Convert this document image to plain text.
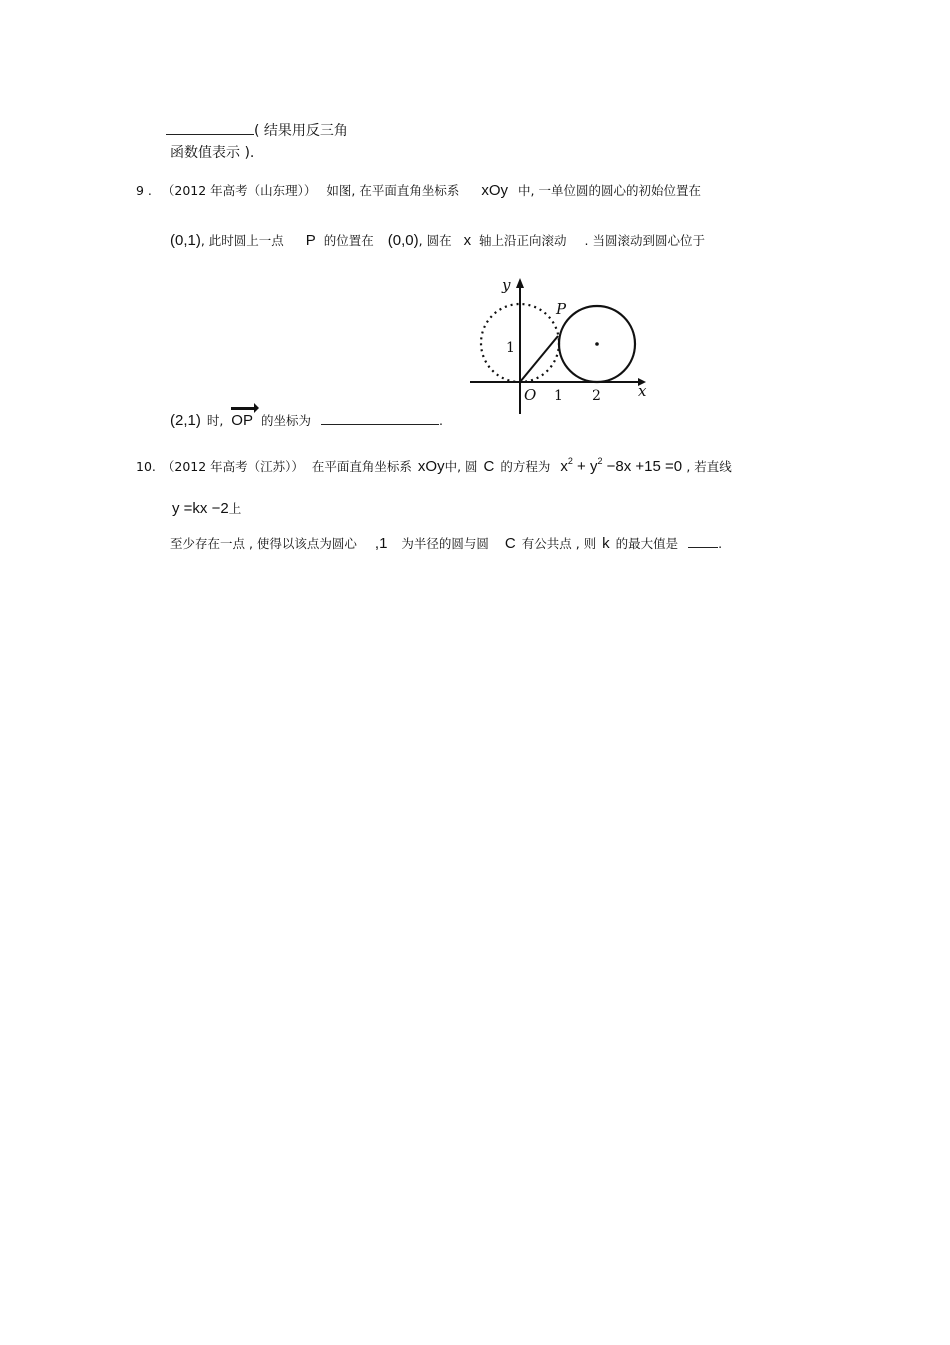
( 结果用反三角
函数值表示 ).
9 . （2012 年高考（山东理）） 如图, 在平面直角坐标系 xOy 中, 一单位圆的圆心的初始位置在
(0,1), 此时圆上一点 P 的位置在 (0,0), 圆在 x 轴上沿正向滚动 . 当圆滚动到圆心位于
y
x
P
1
O 1 2
(2,1) 时, OP 的坐标为	.
10. （2012 年高考（江苏）） 在平面直角坐标系 xOy中, 圆 C 的方程为 $x^2 + y^2 -8x +15 =0$ , 若直线
y =kx −2上
至少存在一点 , 使得以该点为圆心 ,1 为半径的圆与圆 C 有公共点 , 则 k 的最大值是	.
